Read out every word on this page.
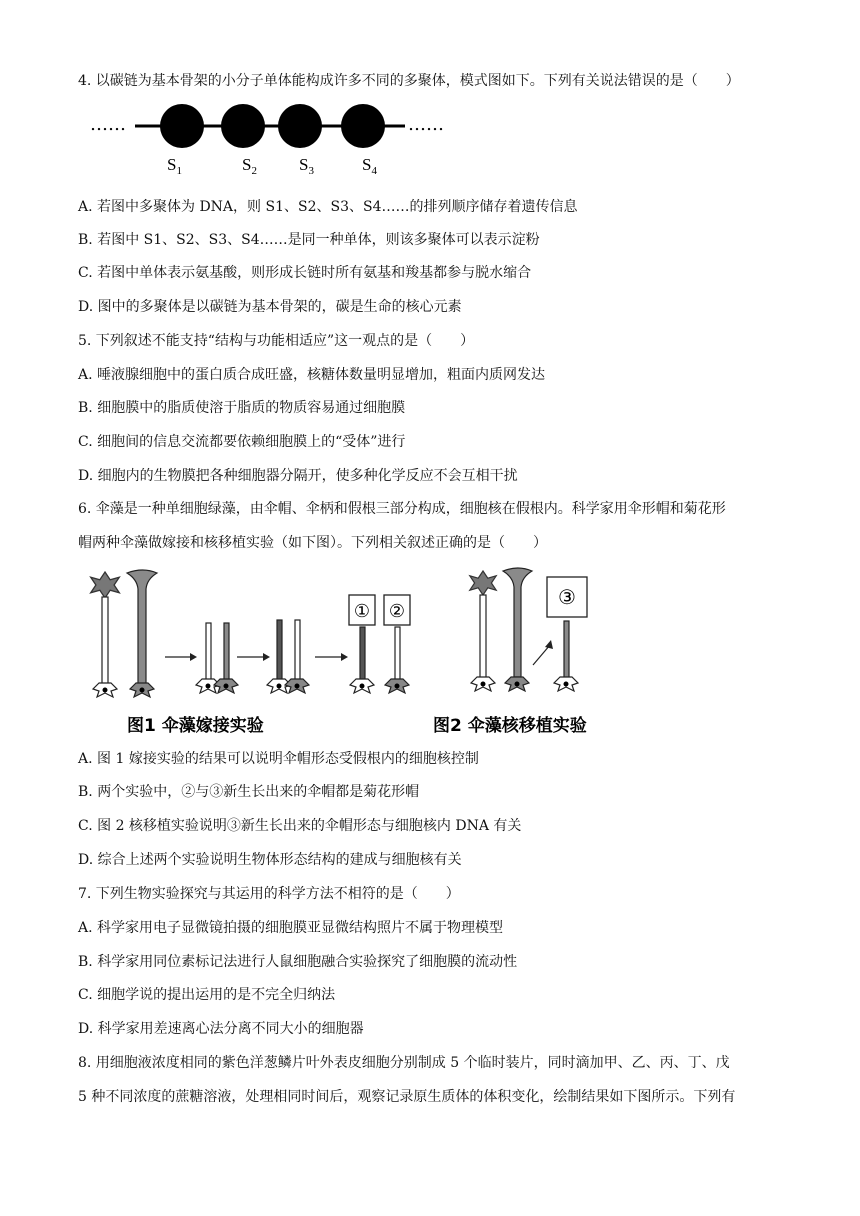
4. 以碳链为基本骨架的小分子单体能构成许多不同的多聚体，模式图如下。下列有关说法错误的是（　　）
……	……
$S_1$	$S_2$ $S_3$	$S_4$
A. 若图中多聚体为 DNA，则 S1、S2、S3、S4……的排列顺序储存着遗传信息
B. 若图中 S1、S2、S3、S4……是同一种单体，则该多聚体可以表示淀粉
C. 若图中单体表示氨基酸，则形成长链时所有氨基和羧基都参与脱水缩合
D. 图中的多聚体是以碳链为基本骨架的，碳是生命的核心元素
5. 下列叙述不能支持“结构与功能相适应”这一观点的是（　　）
A. 唾液腺细胞中的蛋白质合成旺盛，核糖体数量明显增加，粗面内质网发达
B. 细胞膜中的脂质使溶于脂质的物质容易通过细胞膜
C. 细胞间的信息交流都要依赖细胞膜上的“受体”进行
D. 细胞内的生物膜把各种细胞器分隔开，使多种化学反应不会互相干扰
6. 伞藻是一种单细胞绿藻，由伞帽、伞柄和假根三部分构成，细胞核在假根内。科学家用伞形帽和菊花形
帽两种伞藻做嫁接和核移植实验（如下图）。下列相关叙述正确的是（　　）
① ②
③
图1 伞藻嫁接实验	图2 伞藻核移植实验
A. 图 1 嫁接实验的结果可以说明伞帽形态受假根内的细胞核控制
B. 两个实验中，②与③新生长出来的伞帽都是菊花形帽
C. 图 2 核移植实验说明③新生长出来的伞帽形态与细胞核内 DNA 有关
D. 综合上述两个实验说明生物体形态结构的建成与细胞核有关
7. 下列生物实验探究与其运用的科学方法不相符的是（　　）
A. 科学家用电子显微镜拍摄的细胞膜亚显微结构照片不属于物理模型
B. 科学家用同位素标记法进行人鼠细胞融合实验探究了细胞膜的流动性
C. 细胞学说的提出运用的是不完全归纳法
D. 科学家用差速离心法分离不同大小的细胞器
8. 用细胞液浓度相同的紫色洋葱鳞片叶外表皮细胞分别制成 5 个临时装片，同时滴加甲、乙、丙、丁、戊
5 种不同浓度的蔗糖溶液，处理相同时间后，观察记录原生质体的体积变化，绘制结果如下图所示。下列有
